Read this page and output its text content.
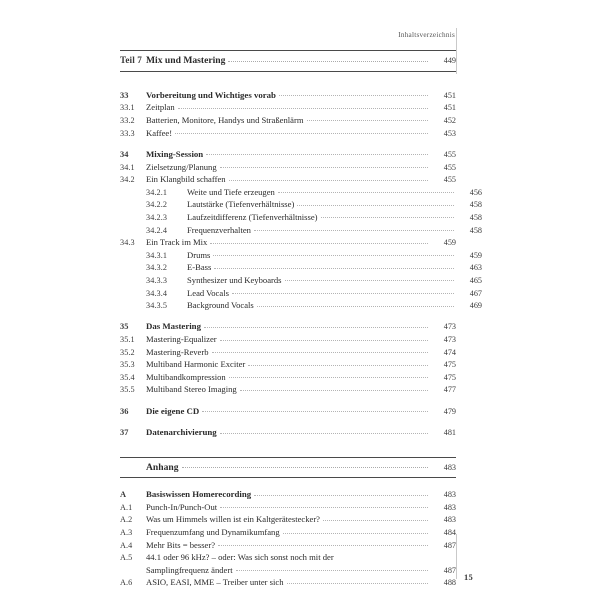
Inhaltsverzeichnis
15
Teil 7 Mix und Mastering	449
33	Vorbereitung und Wichtiges vorab	451
33.1	Zeitplan	451
33.2	Batterien, Monitore, Handys und Straßenlärm	452
33.3	Kaffee!	453
34	Mixing-Session	455
34.1	Zielsetzung/Planung	455
34.2	Ein Klangbild schaffen	455
34.2.1	Weite und Tiefe erzeugen	456
34.2.2	Lautstärke (Tiefenverhältnisse)	458
34.2.3	Laufzeitdifferenz (Tiefenverhältnisse)	458
34.2.4	Frequenzverhalten	458
34.3	Ein Track im Mix	459
34.3.1	Drums	459
34.3.2	E-Bass	463
34.3.3	Synthesizer und Keyboards	465
34.3.4	Lead Vocals	467
34.3.5	Background Vocals	469
35	Das Mastering	473
35.1	Mastering-Equalizer	473
35.2	Mastering-Reverb	474
35.3	Multiband Harmonic Exciter	475
35.4	Multibandkompression	475
35.5	Multiband Stereo Imaging	477
36	Die eigene CD	479
37	Datenarchivierung	481
Anhang	483
A	Basiswissen Homerecording	483
A.1	Punch-In/Punch-Out	483
A.2	Was um Himmels willen ist ein Kaltgerätestecker?	483
A.3	Frequenzumfang und Dynamikumfang	484
A.4	Mehr Bits = besser?	487
A.5	44.1 oder 96 kHz? – oder: Was sich sonst noch mit der
Samplingfrequenz ändert	487
A.6	ASIO, EASI, MME – Treiber unter sich	488
